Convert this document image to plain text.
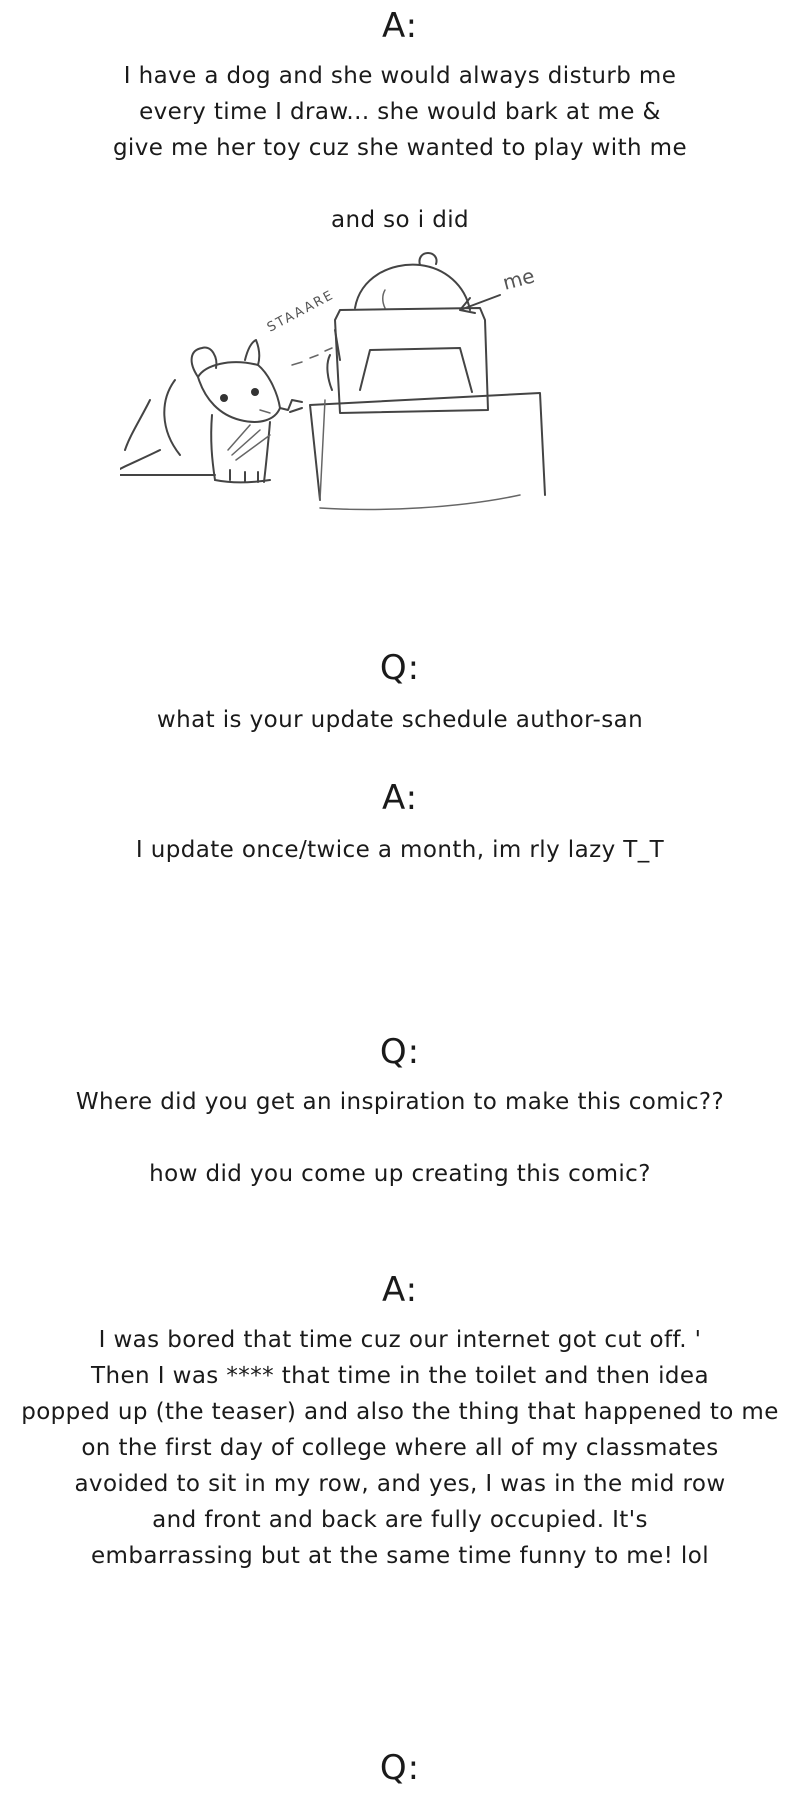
A:
I have a dog and she would always disturb me
every time I draw... she would bark at me &
give me her toy cuz she wanted to play with me

and so i did
STAAARE
me
Q:
what is your update schedule author-san
A:
I update once/twice a month, im rly lazy T_T
Q:
Where did you get an inspiration to make this comic??

how did you come up creating this comic?
A:
I was bored that time cuz our internet got cut off. '
Then I was **** that time in the toilet and then idea
popped up (the teaser) and also the thing that happened to me
on the first day of college where all of my classmates
avoided to sit in my row, and yes, I was in the mid row
and front and back are fully occupied. It's
embarrassing but at the same time funny to me! lol
Q:
